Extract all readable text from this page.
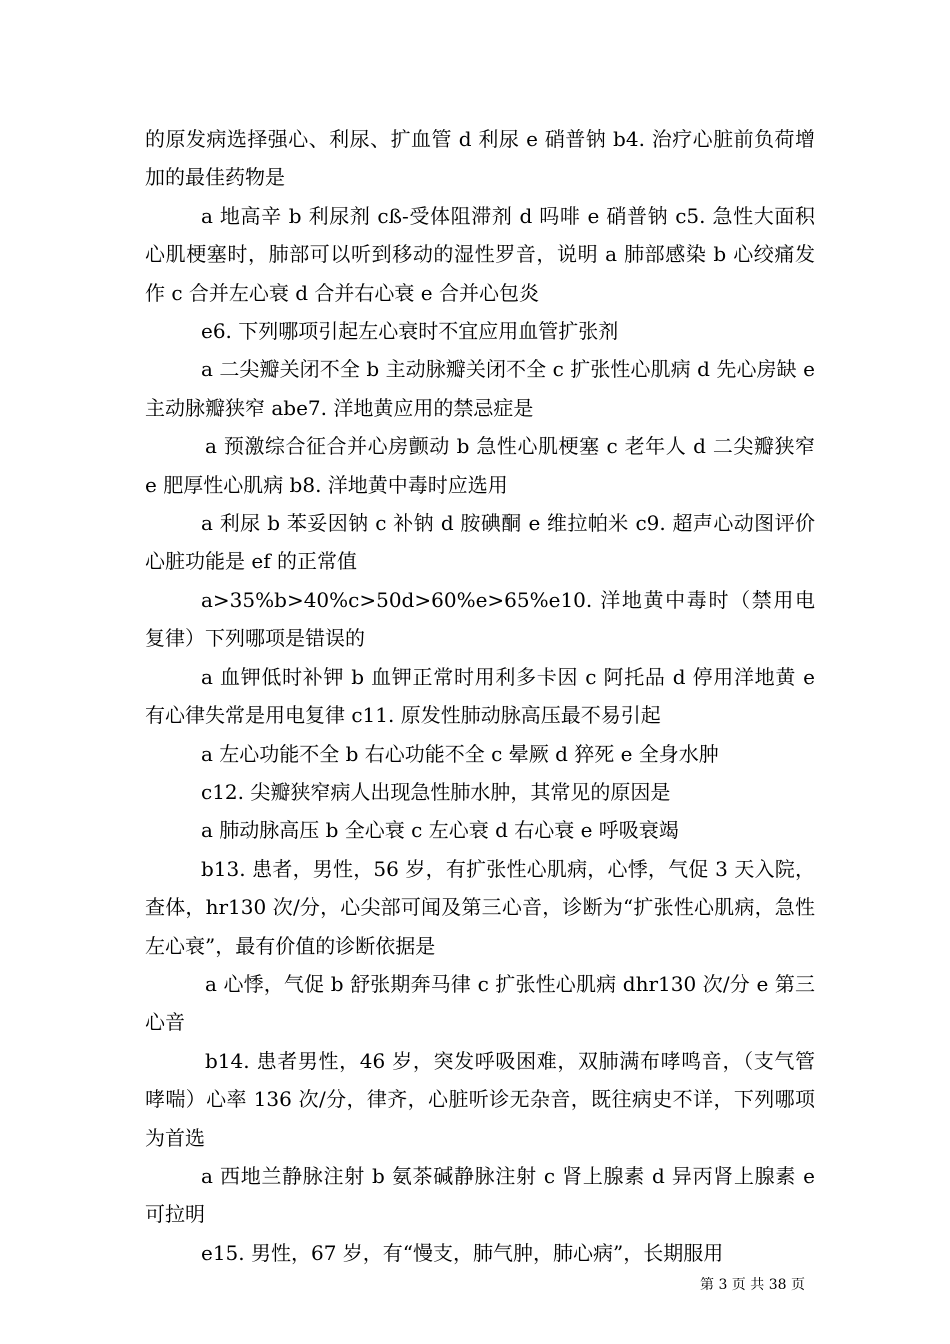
的原发病选择强心、利尿、扩血管 d 利尿 e 硝普钠 b4. 治疗心脏前负荷增加的最佳药物是

a 地高辛 b 利尿剂 cß-受体阻滞剂 d 吗啡 e 硝普钠 c5. 急性大面积心肌梗塞时，肺部可以听到移动的湿性罗音，说明 a 肺部感染 b 心绞痛发作 c 合并左心衰 d 合并右心衰 e 合并心包炎

e6. 下列哪项引起左心衰时不宜应用血管扩张剂

a 二尖瓣关闭不全 b 主动脉瓣关闭不全 c 扩张性心肌病 d 先心房缺 e 主动脉瓣狭窄 abe7. 洋地黄应用的禁忌症是

a 预激综合征合并心房颤动 b 急性心肌梗塞 c 老年人 d 二尖瓣狭窄 e 肥厚性心肌病 b8. 洋地黄中毒时应选用

a 利尿 b 苯妥因钠 c 补钠 d 胺碘酮 e 维拉帕米 c9. 超声心动图评价心脏功能是 ef 的正常值

a>35%b>40%c>50d>60%e>65%e10. 洋地黄中毒时（禁用电复律）下列哪项是错误的

a 血钾低时补钾 b 血钾正常时用利多卡因 c 阿托品 d 停用洋地黄 e 有心律失常是用电复律 c11. 原发性肺动脉高压最不易引起

a 左心功能不全 b 右心功能不全 c 晕厥 d 猝死 e 全身水肿

c12. 尖瓣狭窄病人出现急性肺水肿，其常见的原因是

a 肺动脉高压 b 全心衰 c 左心衰 d 右心衰 e 呼吸衰竭

b13. 患者，男性，56 岁，有扩张性心肌病，心悸，气促 3 天入院，查体，hr130 次/分，心尖部可闻及第三心音，诊断为“扩张性心肌病，急性左心衰”，最有价值的诊断依据是

a 心悸，气促 b 舒张期奔马律 c 扩张性心肌病 dhr130 次/分 e 第三心音

b14. 患者男性，46 岁，突发呼吸困难，双肺满布哮鸣音，（支气管哮喘）心率 136 次/分，律齐，心脏听诊无杂音，既往病史不详，下列哪项为首选

a 西地兰静脉注射 b 氨茶碱静脉注射 c 肾上腺素 d 异丙肾上腺素 e 可拉明

e15. 男性，67 岁，有“慢支，肺气肿，肺心病”，长期服用

第 3 页 共 38 页
